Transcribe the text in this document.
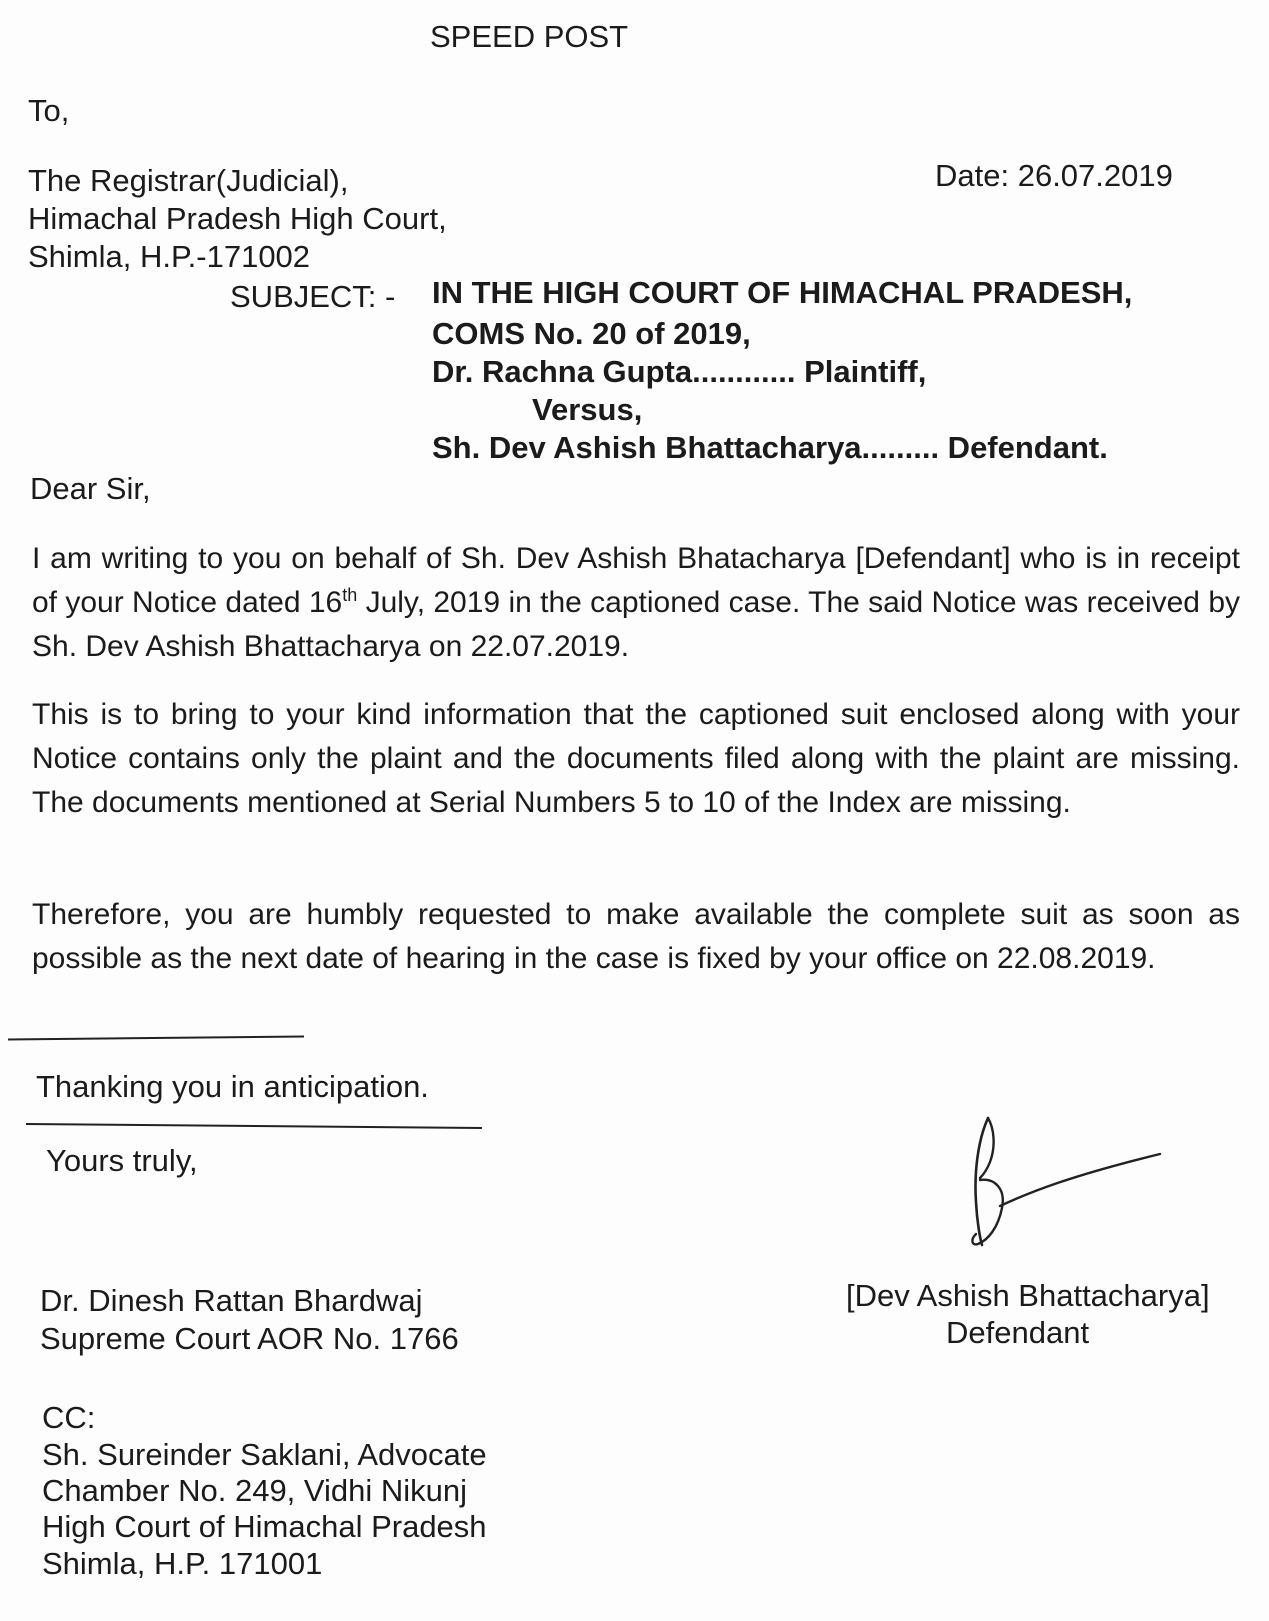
SPEED POST
To,
The Registrar(Judicial),
Himachal Pradesh High Court,
Shimla, H.P.-171002
Date: 26.07.2019
SUBJECT: - IN THE HIGH COURT OF HIMACHAL PRADESH,
COMS No. 20 of 2019,
Dr. Rachna Gupta............ Plaintiff,
Versus,
Sh. Dev Ashish Bhattacharya......... Defendant.
Dear Sir,
I am writing to you on behalf of Sh. Dev Ashish Bhatacharya [Defendant] who is in receipt of your Notice dated 16th July, 2019 in the captioned case. The said Notice was received by Sh. Dev Ashish Bhattacharya on 22.07.2019.
This is to bring to your kind information that the captioned suit enclosed along with your Notice contains only the plaint and the documents filed along with the plaint are missing. The documents mentioned at Serial Numbers 5 to 10 of the Index are missing.
Therefore, you are humbly requested to make available the complete suit as soon as possible as the next date of hearing in the case is fixed by your office on 22.08.2019.
Thanking you in anticipation.
Yours truly,
Dr. Dinesh Rattan Bhardwaj
Supreme Court AOR No. 1766
[Dev Ashish Bhattacharya]
Defendant
CC:
Sh. Sureinder Saklani, Advocate
Chamber No. 249, Vidhi Nikunj
High Court of Himachal Pradesh
Shimla, H.P. 171001
